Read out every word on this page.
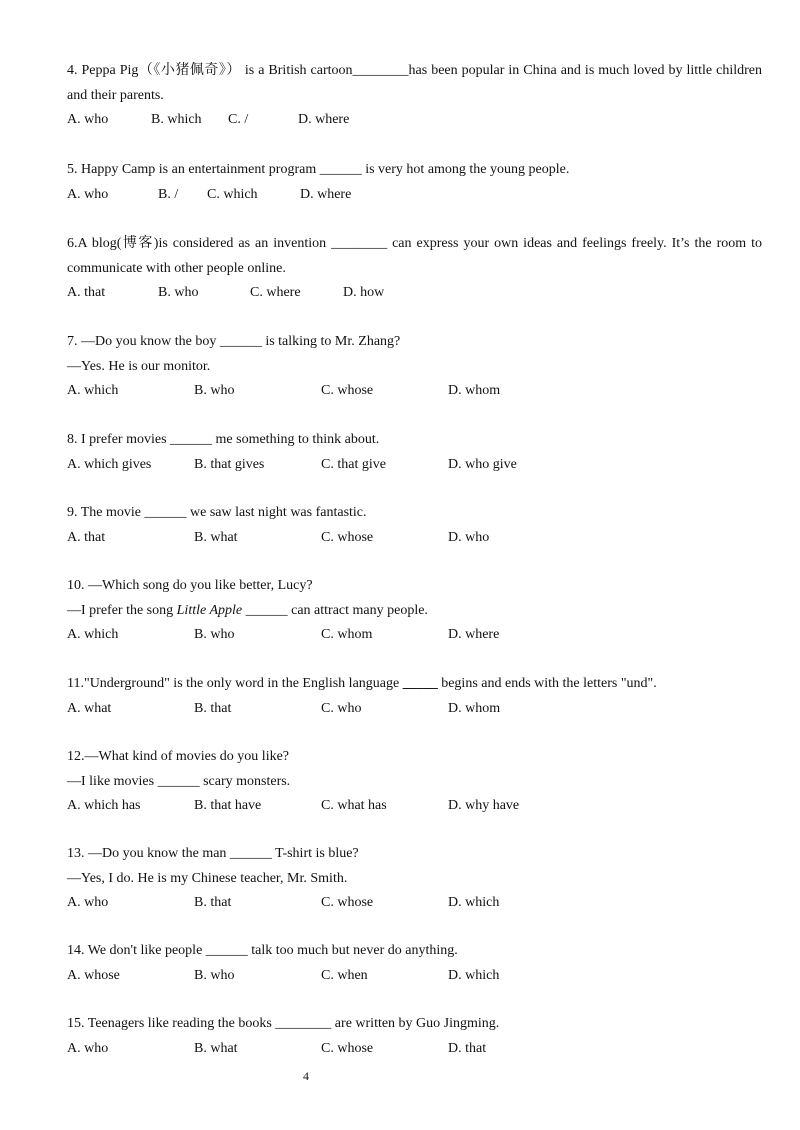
4. Peppa Pig（《小猪佩奇》） is a British cartoon________has been popular in China and is much loved by little children
and their parents.
A. who	B. which C. /	D. where
5. Happy Camp is an entertainment program ______ is very hot among the young people.
A. who	B. / C. which	D. where
6.A blog(博客)is considered as an invention ________ can express your own ideas and feelings freely. It’s the room to
communicate with other people online.
A. that	B. who	C. where	D. how
7. —Do you know the boy ______ is talking to Mr. Zhang?
—Yes. He is our monitor.
A. which	B. who	C. whose	D. whom
8. I prefer movies ______ me something to think about.
A. which gives	B. that gives	C. that give	D. who give
9. The movie ______ we saw last night was fantastic.
A. that	B. what	C. whose	D. who
10. —Which song do you like better, Lucy?
—I prefer the song Little Apple ______ can attract many people.
A. which	B. who	C. whom	D. where
11."Underground" is the only word in the English language _____ begins and ends with the letters "und".
A. what	B. that	C. who	D. whom
12.—What kind of movies do you like?
—I like movies ______ scary monsters.
A. which has	B. that have	C. what has	D. why have
13. —Do you know the man ______ T-shirt is blue?
—Yes, I do. He is my Chinese teacher, Mr. Smith.
A. who	B. that	C. whose	D. which
14. We don't like people ______ talk too much but never do anything.
A. whose	B. who	C. when	D. which
15. Teenagers like reading the books ________ are written by Guo Jingming.
A. who	B. what	C. whose	D. that
4
